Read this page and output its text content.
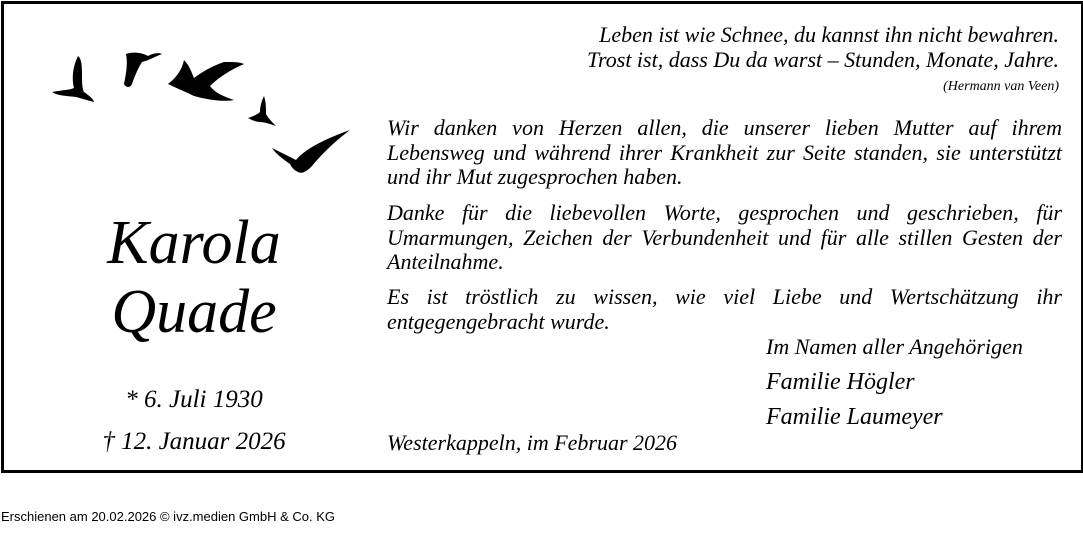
Karola
Quade
* 6. Juli 1930
† 12. Januar 2026
Leben ist wie Schnee, du kannst ihn nicht bewahren.
Trost ist, dass Du da warst – Stunden, Monate, Jahre.
(Hermann van Veen)
Wir danken von Herzen allen, die unserer lieben Mutter auf ihrem Lebensweg und während ihrer Krankheit zur Seite standen, sie unterstützt und ihr Mut zugesprochen haben.
Danke für die liebevollen Worte, gesprochen und geschrieben, für Umarmungen, Zeichen der Verbundenheit und für alle stillen Gesten der Anteilnahme.
Es ist tröstlich zu wissen, wie viel Liebe und Wertschätzung ihr entgegengebracht wurde.
Im Namen aller Angehörigen
Familie Högler
Familie Laumeyer
Westerkappeln, im Februar 2026
Erschienen am 20.02.2026 © ivz.medien GmbH & Co. KG
